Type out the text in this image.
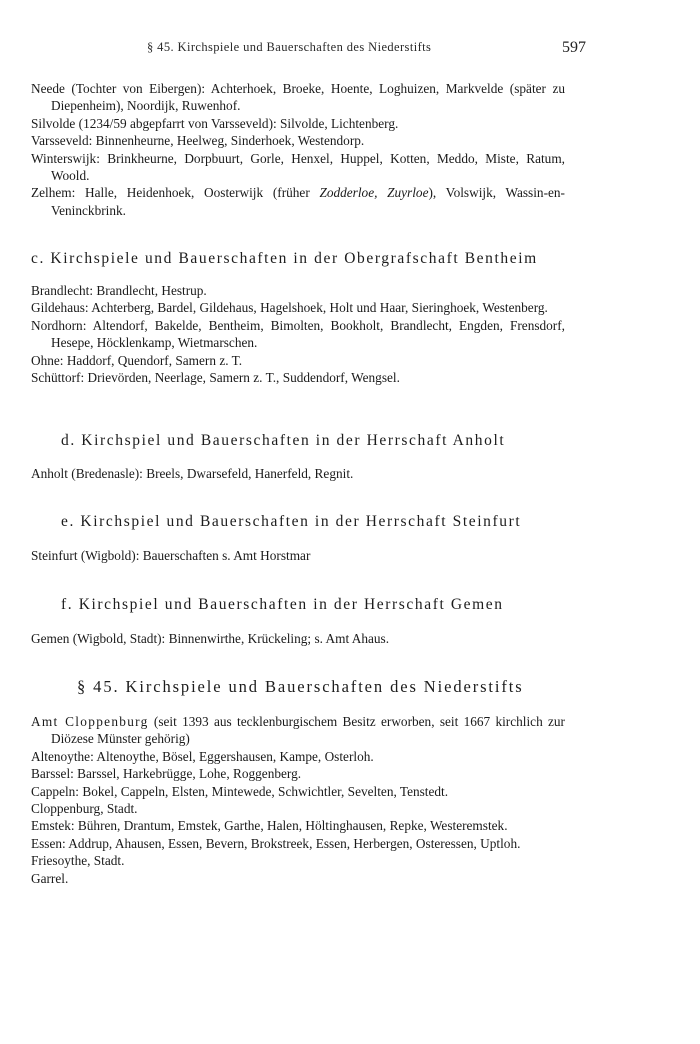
§ 45. Kirchspiele und Bauerschaften des Niederstifts	597
Neede (Tochter von Eibergen): Achterhoek, Broeke, Hoente, Loghuizen, Markvelde (später zu Diepenheim), Noordijk, Ruwenhof.
Silvolde (1234/59 abgepfarrt von Varsseveld): Silvolde, Lichtenberg.
Varsseveld: Binnenheurne, Heelweg, Sinderhoek, Westendorp.
Winterswijk: Brinkheurne, Dorpbuurt, Gorle, Henxel, Huppel, Kotten, Meddo, Miste, Ratum, Woold.
Zelhem: Halle, Heidenhoek, Oosterwijk (früher Zodderloe, Zuyrloe), Volswijk, Wassin-en-Veninckbrink.
c. Kirchspiele und Bauerschaften in der Obergrafschaft Bentheim
Brandlecht: Brandlecht, Hestrup.
Gildehaus: Achterberg, Bardel, Gildehaus, Hagelshoek, Holt und Haar, Sieringhoek, Westenberg.
Nordhorn: Altendorf, Bakelde, Bentheim, Bimolten, Bookholt, Brandlecht, Engden, Frensdorf, Hesepe, Höcklenkamp, Wietmarschen.
Ohne: Haddorf, Quendorf, Samern z. T.
Schüttorf: Drievörden, Neerlage, Samern z. T., Suddendorf, Wengsel.
d. Kirchspiel und Bauerschaften in der Herrschaft Anholt
Anholt (Bredenasle): Breels, Dwarsefeld, Hanerfeld, Regnit.
e. Kirchspiel und Bauerschaften in der Herrschaft Steinfurt
Steinfurt (Wigbold): Bauerschaften s. Amt Horstmar
f. Kirchspiel und Bauerschaften in der Herrschaft Gemen
Gemen (Wigbold, Stadt): Binnenwirthe, Krückeling; s. Amt Ahaus.
§ 45. Kirchspiele und Bauerschaften des Niederstifts
Amt Cloppenburg (seit 1393 aus tecklenburgischem Besitz erworben, seit 1667 kirchlich zur Diözese Münster gehörig)
Altenoythe: Altenoythe, Bösel, Eggershausen, Kampe, Osterloh.
Barssel: Barssel, Harkebrügge, Lohe, Roggenberg.
Cappeln: Bokel, Cappeln, Elsten, Mintewede, Schwichtler, Sevelten, Tenstedt.
Cloppenburg, Stadt.
Emstek: Bühren, Drantum, Emstek, Garthe, Halen, Höltinghausen, Repke, Westeremstek.
Essen: Addrup, Ahausen, Essen, Bevern, Brokstreek, Essen, Herbergen, Osteressen, Uptloh.
Friesoythe, Stadt.
Garrel.
